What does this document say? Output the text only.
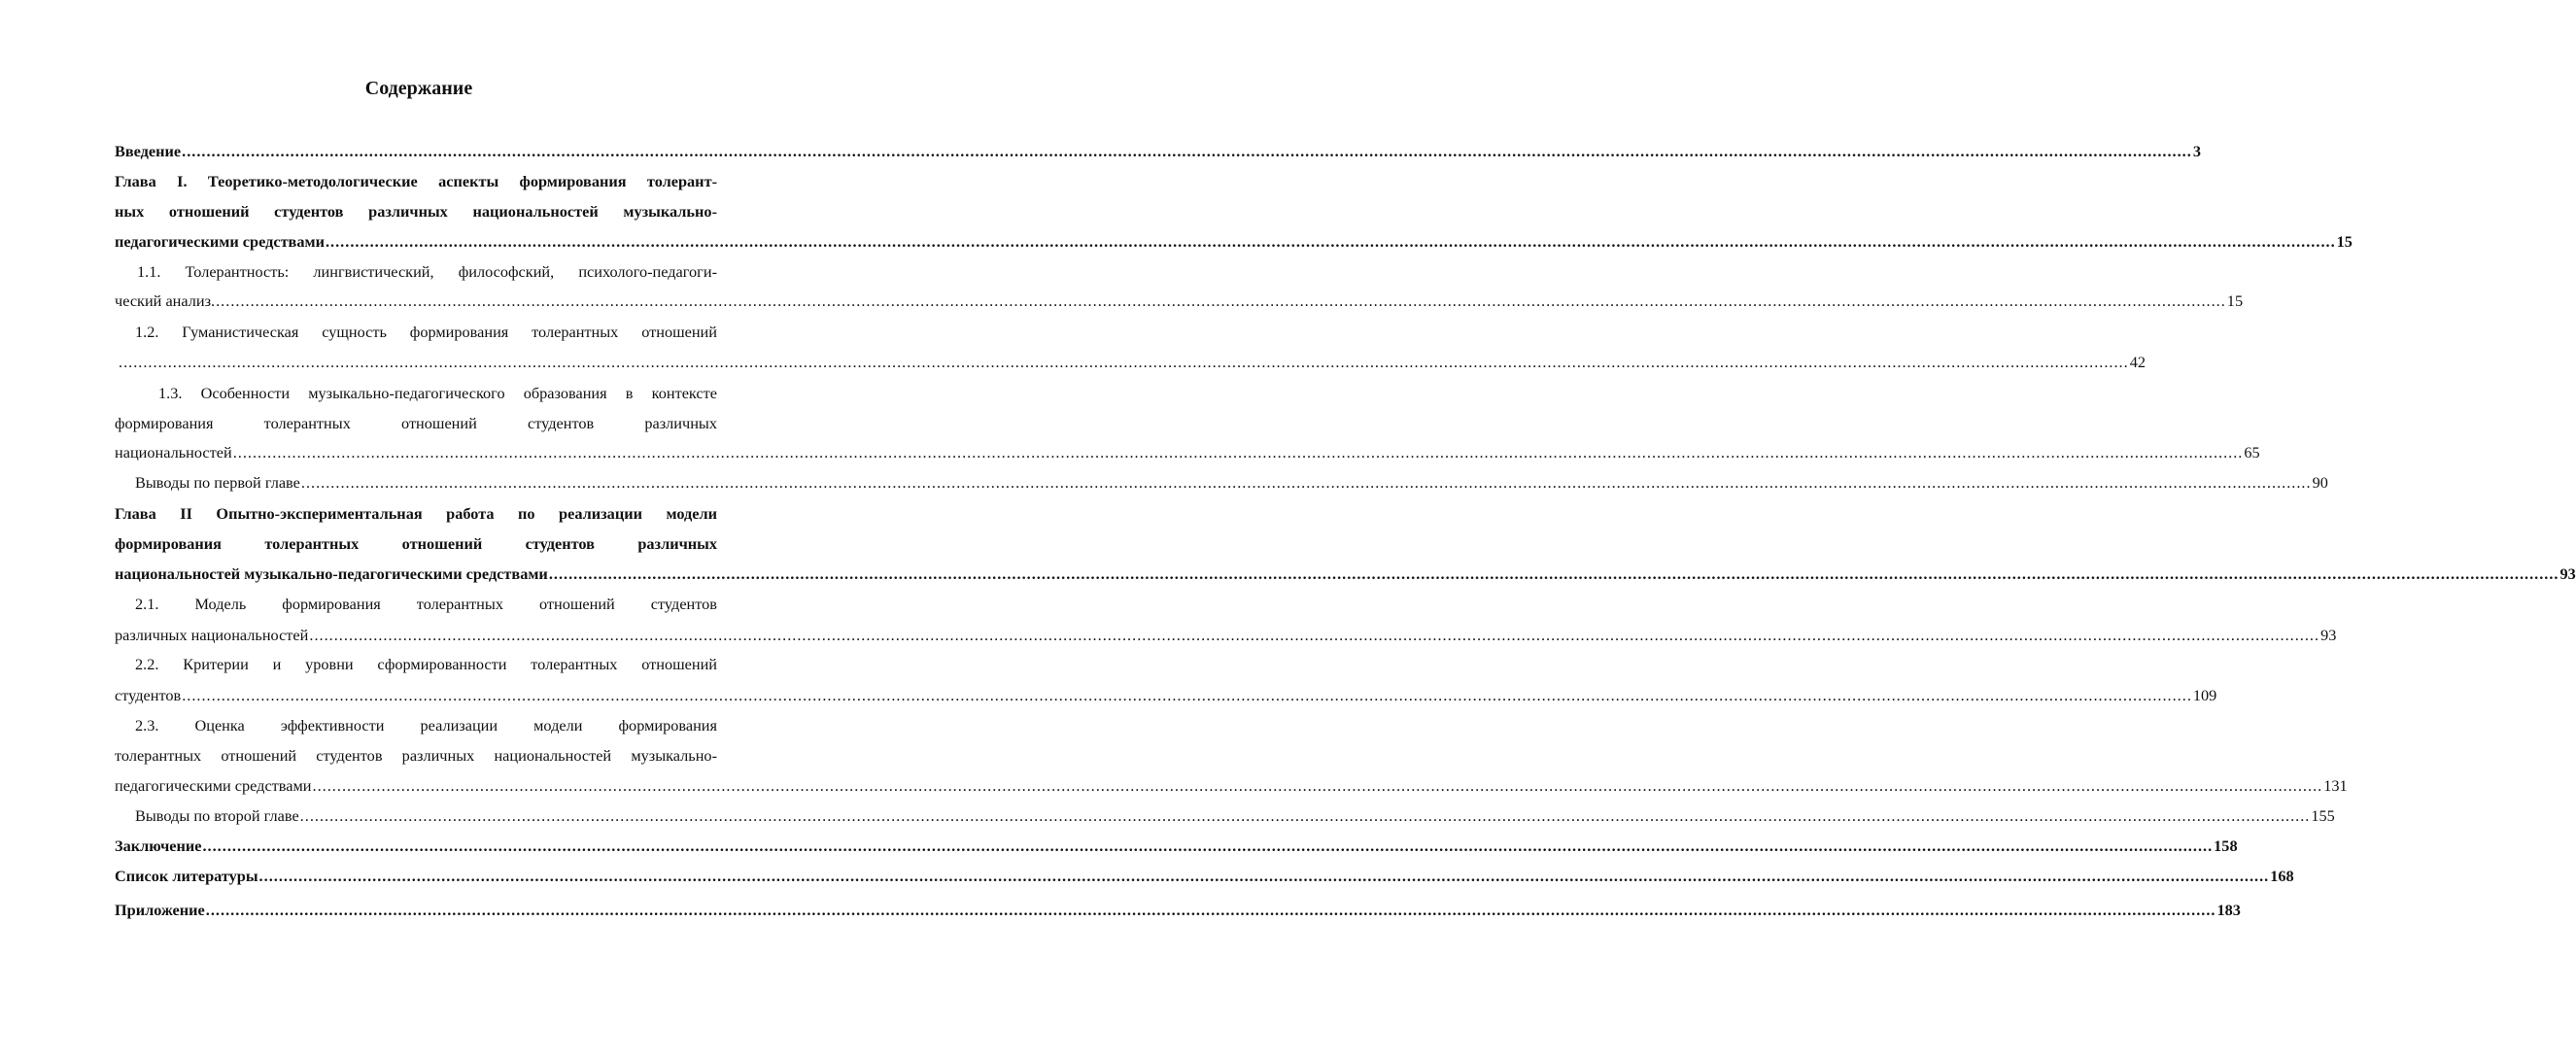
Содержание
Введение ........................................................................................................................................................................................................................................................................................................................................................................................................................ 3
Глава I. Теоретико-методологические аспекты формирования толерант-
ных отношений студентов различных национальностей музыкально-
педагогическими средствами ........................................................................................................................................................................................................................................................................................................................................................................................................................ 15
1.1. Толерантность: лингвистический, философский, психолого-педагоги-
ческий анализ. ........................................................................................................................................................................................................................................................................................................................................................................................................................ 15
1.2. Гуманистическая сущность формирования толерантных отношений
........................................................................................................................................................................................................................................................................................................................................................................................................................ 42
1.3. Особенности музыкально-педагогического образования в контексте
формирования толерантных отношений студентов различных
национальностей ........................................................................................................................................................................................................................................................................................................................................................................................................................ 65
Выводы по первой главе ........................................................................................................................................................................................................................................................................................................................................................................................................................ 90
Глава II Опытно-экспериментальная работа по реализации модели
формирования толерантных отношений студентов различных
национальностей музыкально-педагогическими средствами ........................................................................................................................................................................................................................................................................................................................................................................................................................ 93
2.1. Модель формирования толерантных отношений студентов
различных национальностей ........................................................................................................................................................................................................................................................................................................................................................................................................................ 93
2.2. Критерии и уровни сформированности толерантных отношений
студентов ........................................................................................................................................................................................................................................................................................................................................................................................................................ 109
2.3. Оценка эффективности реализации модели формирования
толерантных отношений студентов различных национальностей музыкально-
педагогическими средствами ........................................................................................................................................................................................................................................................................................................................................................................................................................ 131
Выводы по второй главе ........................................................................................................................................................................................................................................................................................................................................................................................................................ 155
Заключение ........................................................................................................................................................................................................................................................................................................................................................................................................................ 158
Список литературы ........................................................................................................................................................................................................................................................................................................................................................................................................................ 168
Приложение ........................................................................................................................................................................................................................................................................................................................................................................................................................ 183
